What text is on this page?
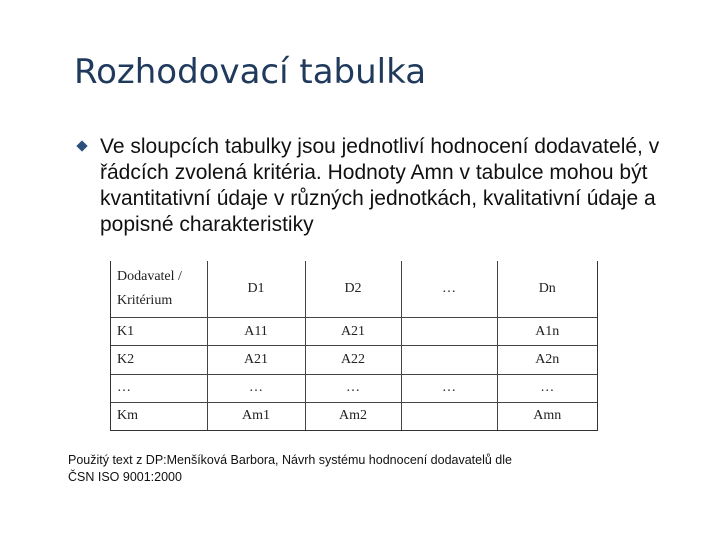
Rozhodovací tabulka
Ve sloupcích tabulky jsou jednotliví hodnocení dodavatelé, v řádcích zvolená kritéria. Hodnoty Amn v tabulce mohou být kvantitativní údaje v různých jednotkách, kvalitativní údaje a popisné charakteristiky
Dodavatel /
Kritérium	D1	D2	…	Dn
K1	A11	A21		A1n
K2	A21	A22		A2n
…	…	…	…	…
Km	Am1	Am2		Amn
Použitý text z DP:Menšíková Barbora, Návrh systému hodnocení dodavatelů dle
ČSN ISO 9001:2000
